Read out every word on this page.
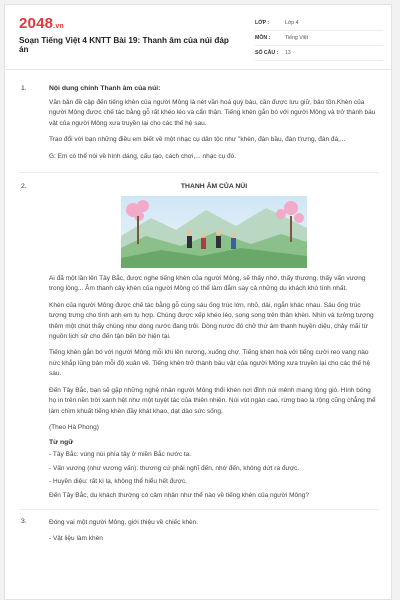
2048.vn
Soạn Tiếng Việt 4 KNTT Bài 19: Thanh âm của núi đáp án
LỚP :	Lớp 4
MÔN :	Tiếng Việt
SỐ CÂU :	13
1.	Nội dung chính Thanh âm của núi:

Văn bản đề cập đến tiếng khèn của người Mông là nét văn hoá quý báu, cần được lưu giữ, bảo tồn.Khèn của người Mông được chế tác bằng gỗ rất khéo léo và cẩn thận. Tiếng khèn gắn bó với người Mông và trở thành báu vật của người Mông xưa truyền lại cho các thế hệ sau.

Trao đổi với bạn những điều em biết về một nhạc cụ dân tộc như "khèn, đàn bầu, đàn t'rưng, đàn đá,...

G: Em có thể nói về hình dáng, cấu tạo, cách chơi,... nhạc cụ đó.

2.	THANH ÂM CỦA NÚI

Ai đã một lần lên Tây Bắc, được nghe tiếng khèn của người Mông, sẽ thấy nhớ, thấy thương, thấy vấn vương trong lòng... Âm thanh cây khèn của người Mông có thể làm đắm say cả những du khách khó tính nhất.

Khèn của người Mông được chế tác bằng gỗ cùng sáu ống trúc lớn, nhỏ, dài, ngắn khác nhau. Sáu ống trúc tượng trưng cho tình anh em tụ hợp. Chúng được xếp khéo léo, song song trên thân khèn. Nhìn và tưởng tượng thêm một chút thấy chúng như dòng nước đang trôi. Dòng nước đó chở thứ âm thanh huyền diệu, chảy mãi từ nguồn lịch sử cho đến tận bến bờ hiện tại.

Tiếng khèn gắn bó với người Mông mỗi khi lên nương, xuống chợ. Tiếng khèn hoà với tiếng cười reo vang nào nức khắp lũng bản mỗi độ xuân về. Tiếng khèn trở thành báu vật của người Mông xưa truyền lại cho các thế hệ sau.

Đến Tây Bắc, bạn sẽ gặp những nghệ nhân người Mông thổi khèn nơi đỉnh núi mênh mang lộng gió. Hình bóng họ in trên nền trời xanh hệt như một tuyệt tác của thiên nhiên. Núi vút ngàn cao, rừng bao la rộng cũng chẳng thể làm chìm khuất tiếng khèn đầy khát khao, dạt dào sức sống.

(Theo Hà Phong)

Từ ngữ

- Tây Bắc: vùng núi phía tây ở miền Bắc nước ta.

- Vấn vương (như vương vấn): thương cứ phải nghĩ đến, nhớ đến, không dứt ra được.

- Huyền diệu: rất kì lạ, không thể hiểu hết được.

Đến Tây Bắc, du khách thường có cảm nhận như thế nào về tiếng khèn của người Mông?

3.	Đóng vai một người Mông, giới thiệu về chiếc khèn.

- Vật liệu làm khèn
